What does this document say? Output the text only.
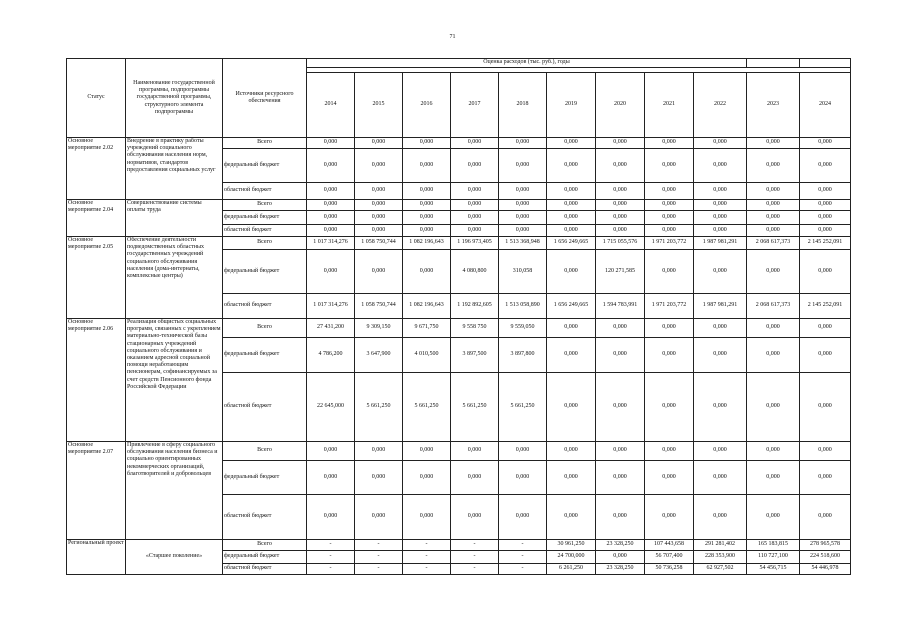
71
Статус	Наименование государственной программы, подпрограммы государственной программы, структурного элемента подпрограммы	Источники ресурсного обеспечения	Оценка расходов (тыс. руб.), годы										

			2014	2015	2016	2017	2018	2019	2020	2021	2022	2023	2024
Основное мероприятие 2.02	Внедрение в практику работы учреждений социального обслуживания населения норм, нормативов, стандартов предоставления социальных услуг	Всего	0,000	0,000	0,000	0,000	0,000	0,000	0,000	0,000	0,000	0,000	0,000
		федеральный бюджет	0,000	0,000	0,000	0,000	0,000	0,000	0,000	0,000	0,000	0,000	0,000
		областной бюджет	0,000	0,000	0,000	0,000	0,000	0,000	0,000	0,000	0,000	0,000	0,000
Основное мероприятие 2.04	Совершенствование системы оплаты труда	Всего	0,000	0,000	0,000	0,000	0,000	0,000	0,000	0,000	0,000	0,000	0,000
		федеральный бюджет	0,000	0,000	0,000	0,000	0,000	0,000	0,000	0,000	0,000	0,000	0,000
		областной бюджет	0,000	0,000	0,000	0,000	0,000	0,000	0,000	0,000	0,000	0,000	0,000
Основное мероприятие 2.05	Обеспечение деятельности подведомственных областных государственных учреждений социального обслуживания населения (дома-интернаты, комплексные центры)	Всего	1 017 314,276	1 058 750,744	1 082 196,643	1 196 973,405	1 513 368,948	1 656 249,665	1 715 055,576	1 971 203,772	1 987 981,291	2 068 617,373	2 145 252,091
		федеральный бюджет	0,000	0,000	0,000	4 080,800	310,058	0,000	120 271,585	0,000	0,000	0,000	0,000
		областной бюджет	1 017 314,276	1 058 750,744	1 082 196,643	1 192 892,605	1 513 058,890	1 656 249,665	1 594 783,991	1 971 203,772	1 987 981,291	2 068 617,373	2 145 252,091
Основное мероприятие 2.06	Реализация общистых социальных программ, связанных с укреплением материально-технической базы стационарных учреждений социального обслуживания и оказанием адресной социальной помощи неработающим пенсионерам, софинансируемых за счет средств Пенсионного фонда Российской Федерации	Всего	27 431,200	9 309,150	9 671,750	9 558 750	9 559,050	0,000	0,000	0,000	0,000	0,000	0,000
		федеральный бюджет	4 786,200	3 647,900	4 010,500	3 897,500	3 897,800	0,000	0,000	0,000	0,000	0,000	0,000
		областной бюджет	22 645,000	5 661,250	5 661,250	5 661,250	5 661,250	0,000	0,000	0,000	0,000	0,000	0,000
Основное мероприятие 2.07	Привлечение в сферу социального обслуживания населения бизнеса и социально ориентированных некоммерческих организаций, благотворителей и добровольцев	Всего	0,000	0,000	0,000	0,000	0,000	0,000	0,000	0,000	0,000	0,000	0,000
		федеральный бюджет	0,000	0,000	0,000	0,000	0,000	0,000	0,000	0,000	0,000	0,000	0,000
		областной бюджет	0,000	0,000	0,000	0,000	0,000	0,000	0,000	0,000	0,000	0,000	0,000
Региональный проект	«Старшее поколение»	Всего	-	-	-	-	-	30 961,250	23 328,250	107 443,658	291 281,402	165 183,815	278 965,578
		федеральный бюджет	-	-	-	-	-	24 700,000	0,000	56 707,400	228 353,900	110 727,100	224 518,600
		областной бюджет	-	-	-	-	-	6 261,250	23 328,250	50 736,258	62 927,502	54 456,715	54 446,978
